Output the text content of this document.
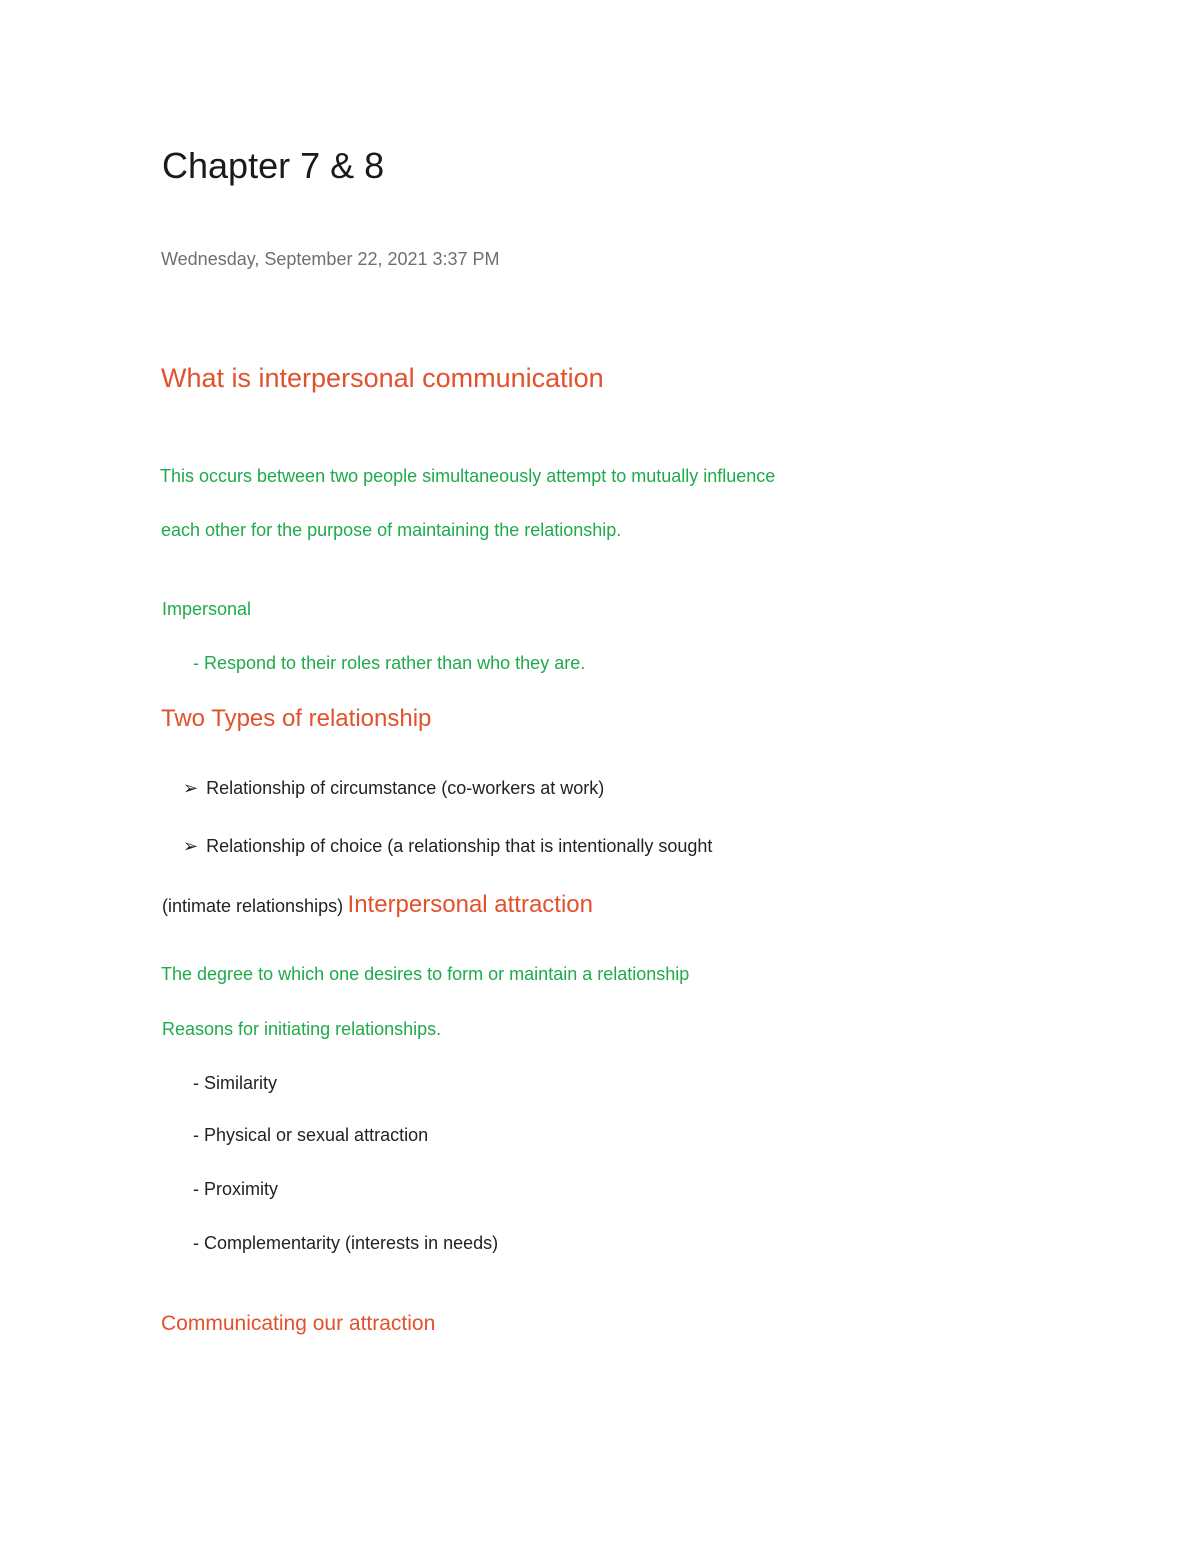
Chapter 7 & 8
Wednesday, September 22, 2021 3:37 PM
What is interpersonal communication
This occurs between two people simultaneously attempt to mutually influence
each other for the purpose of maintaining the relationship.
Impersonal
- Respond to their roles rather than who they are.
Two Types of relationship
➢ Relationship of circumstance (co-workers at work)
➢ Relationship of choice (a relationship that is intentionally sought
(intimate relationships) Interpersonal attraction
The degree to which one desires to form or maintain a relationship
Reasons for initiating relationships.
- Similarity
- Physical or sexual attraction
- Proximity
- Complementarity (interests in needs)
Communicating our attraction
